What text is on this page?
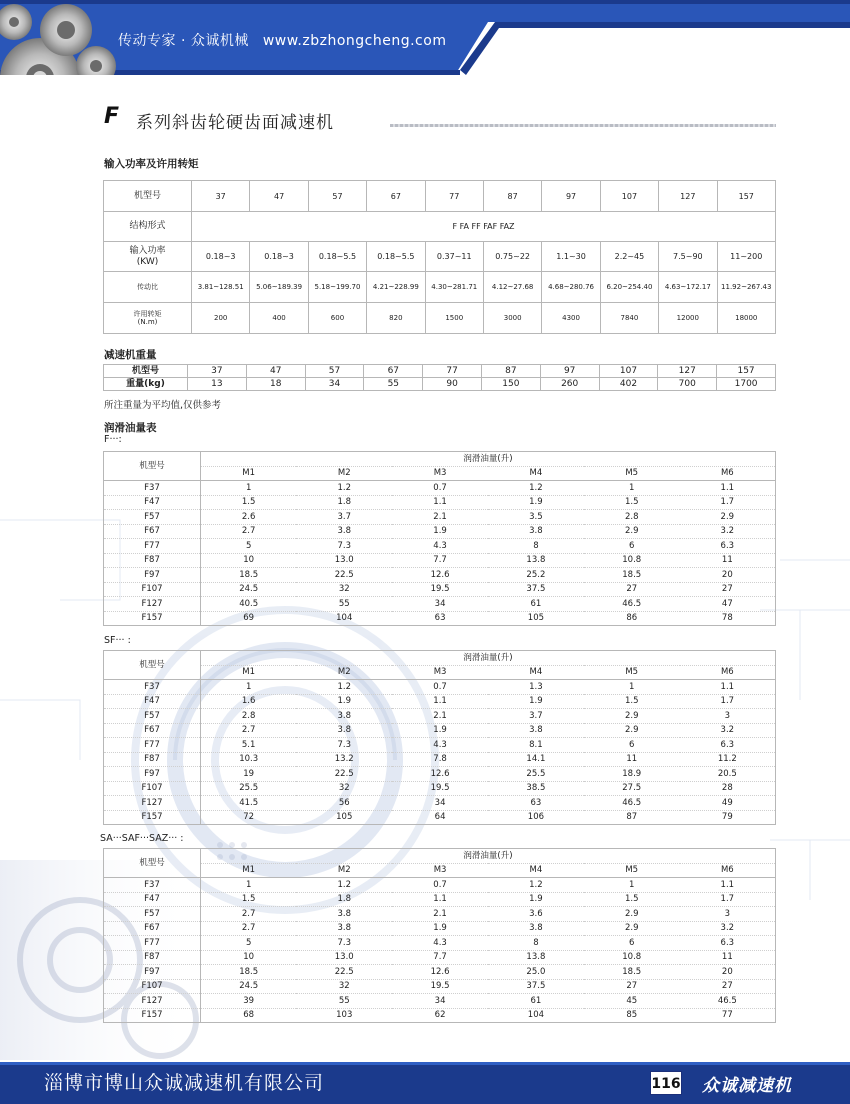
传动专家 · 众诚机械 www.zbzhongcheng.com
F 系列斜齿轮硬齿面减速机
输入功率及许用转矩
机型号	37	47	57	67	77	87	97	107	127	157
结构形式	F FA FF FAF FAZ									
输入功率
(KW)	0.18~3	0.18~3	0.18~5.5	0.18~5.5	0.37~11	0.75~22	1.1~30	2.2~45	7.5~90	11~200
传动比	3.81~128.51	5.06~189.39	5.18~199.70	4.21~228.99	4.30~281.71	4.12~27.68	4.68~280.76	6.20~254.40	4.63~172.17	11.92~267.43
许用转矩
(N.m)	200	400	600	820	1500	3000	4300	7840	12000	18000
减速机重量
机型号	37	47	57	67	77	87	97	107	127	157
重量(kg)	13	18	34	55	90	150	260	402	700	1700
所注重量为平均值,仅供参考
润滑油量表
F···:
机型号	润滑油量(升)					
	M1	M2	M3	M4	M5	M6
F37	1	1.2	0.7	1.2	1	1.1
F47	1.5	1.8	1.1	1.9	1.5	1.7
F57	2.6	3.7	2.1	3.5	2.8	2.9
F67	2.7	3.8	1.9	3.8	2.9	3.2
F77	5	7.3	4.3	8	6	6.3
F87	10	13.0	7.7	13.8	10.8	11
F97	18.5	22.5	12.6	25.2	18.5	20
F107	24.5	32	19.5	37.5	27	27
F127	40.5	55	34	61	46.5	47
F157	69	104	63	105	86	78
SF··· :
机型号	润滑油量(升)					
	M1	M2	M3	M4	M5	M6
F37	1	1.2	0.7	1.3	1	1.1
F47	1.6	1.9	1.1	1.9	1.5	1.7
F57	2.8	3.8	2.1	3.7	2.9	3
F67	2.7	3.8	1.9	3.8	2.9	3.2
F77	5.1	7.3	4.3	8.1	6	6.3
F87	10.3	13.2	7.8	14.1	11	11.2
F97	19	22.5	12.6	25.5	18.9	20.5
F107	25.5	32	19.5	38.5	27.5	28
F127	41.5	56	34	63	46.5	49
F157	72	105	64	106	87	79
SA···SAF···SAZ··· :
机型号	润滑油量(升)					
	M1	M2	M3	M4	M5	M6
F37	1	1.2	0.7	1.2	1	1.1
F47	1.5	1.8	1.1	1.9	1.5	1.7
F57	2.7	3.8	2.1	3.6	2.9	3
F67	2.7	3.8	1.9	3.8	2.9	3.2
F77	5	7.3	4.3	8	6	6.3
F87	10	13.0	7.7	13.8	10.8	11
F97	18.5	22.5	12.6	25.0	18.5	20
F107	24.5	32	19.5	37.5	27	27
F127	39	55	34	61	45	46.5
F157	68	103	62	104	85	77
淄博市博山众诚减速机有限公司	116 众诚减速机
